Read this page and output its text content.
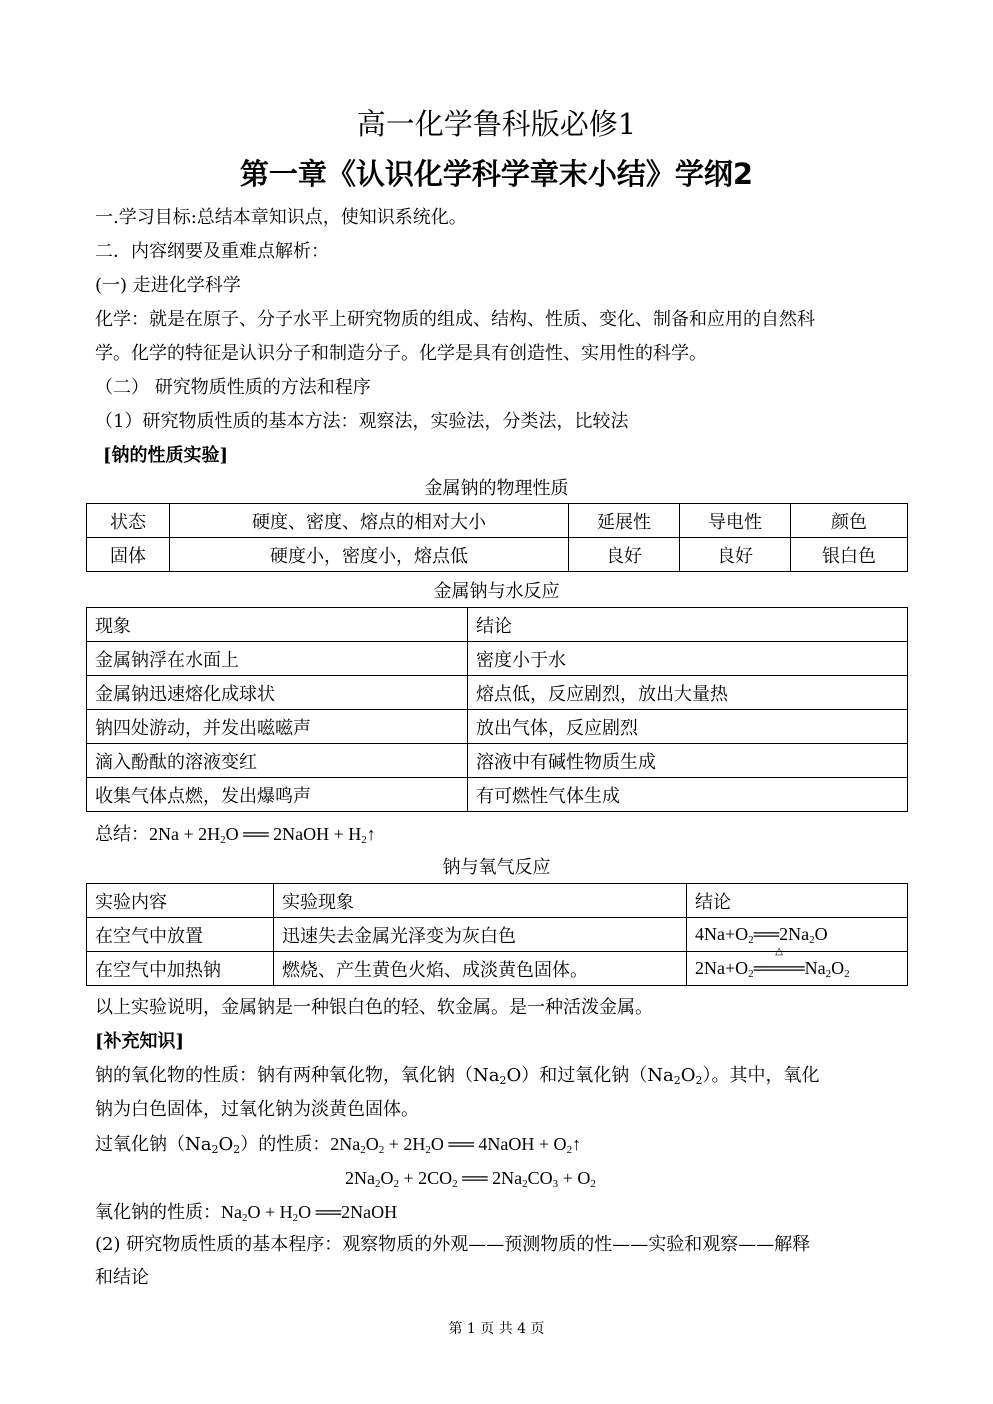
高一化学鲁科版必修1
第一章《认识化学科学章末小结》学纲2
一.学习目标:总结本章知识点，使知识系统化。
二．内容纲要及重难点解析：
(一) 走进化学科学
化学：就是在原子、分子水平上研究物质的组成、结构、性质、变化、制备和应用的自然科
学。化学的特征是认识分子和制造分子。化学是具有创造性、实用性的科学。
（二） 研究物质性质的方法和程序
（1）研究物质性质的基本方法：观察法，实验法，分类法，比较法
[钠的性质实验]
金属钠的物理性质
状态	硬度、密度、熔点的相对大小	延展性	导电性	颜色
固体	硬度小，密度小，熔点低	良好	良好	银白色
金属钠与水反应
现象	结论
金属钠浮在水面上	密度小于水
金属钠迅速熔化成球状	熔点低，反应剧烈，放出大量热
钠四处游动，并发出嗞嗞声	放出气体，反应剧烈
滴入酚酞的溶液变红	溶液中有碱性物质生成
收集气体点燃，发出爆鸣声	有可燃性气体生成
总结：$2Na + 2H_2O$ ══ 2NaOH + $H_2↑$
钠与氧气反应
实验内容	实验现象	结论
在空气中放置	迅速失去金属光泽变为灰白色	$4Na+O_2══2Na_2O$
在空气中加热钠	燃烧、产生黄色火焰、成淡黄色固体。	$2Na+O_2$
△
$════Na_2O_2$
以上实验说明，金属钠是一种银白色的轻、软金属。是一种活泼金属。
[补充知识]
钠的氧化物的性质：钠有两种氧化物，氧化钠$(Na_2O)$和过氧化钠$(Na_2O_2)$。其中，氧化
钠为白色固体，过氧化钠为淡黄色固体。
过氧化钠$(Na_2O_2)$的性质：$2Na_2O_2 + 2H_2O$ ══ 4NaOH + $O_2↑$
$2Na_2O_2 + 2CO_2$ ══ $2Na_2CO_3 + O_2$
氧化钠的性质：$Na_2O + H_2O$ ══2NaOH
(2) 研究物质性质的基本程序：观察物质的外观——预测物质的性——实验和观察——解释
和结论
第 1 页 共 4 页
